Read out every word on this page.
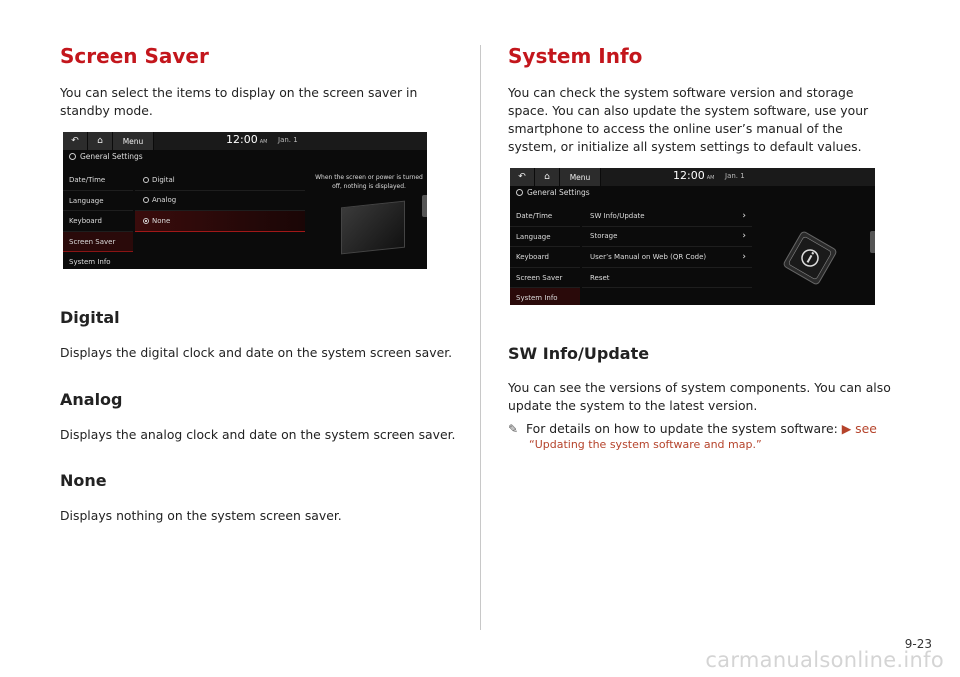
Screen Saver

You can select the items to display on the screen saver in standby mode.

↶	⌂	Menu	12:00 AM Jan. 1
General Settings
Date/Time
Language
Keyboard
Screen Saver
System Info
Digital
Analog
None
When the screen or power is turned off, nothing is displayed.
Digital

Displays the digital clock and date on the system screen saver.

Analog

Displays the analog clock and date on the system screen saver.

None

Displays nothing on the system screen saver.

System Info

You can check the system software version and storage space. You can also update the system software, use your smartphone to access the online user’s manual of the system, or initialize all system settings to default values.

↶	⌂	Menu	12:00 AM Jan. 1
General Settings
Date/Time
Language
Keyboard
Screen Saver
System Info
SW Info/Update	›
Storage	›
User’s Manual on Web (QR Code)	›
Reset
SW Info/Update

You can see the versions of system components. You can also update the system to the latest version.

✎ For details on how to update the system software: ▶ see
“Updating the system software and map.”
9-23
carmanualsonline.info
